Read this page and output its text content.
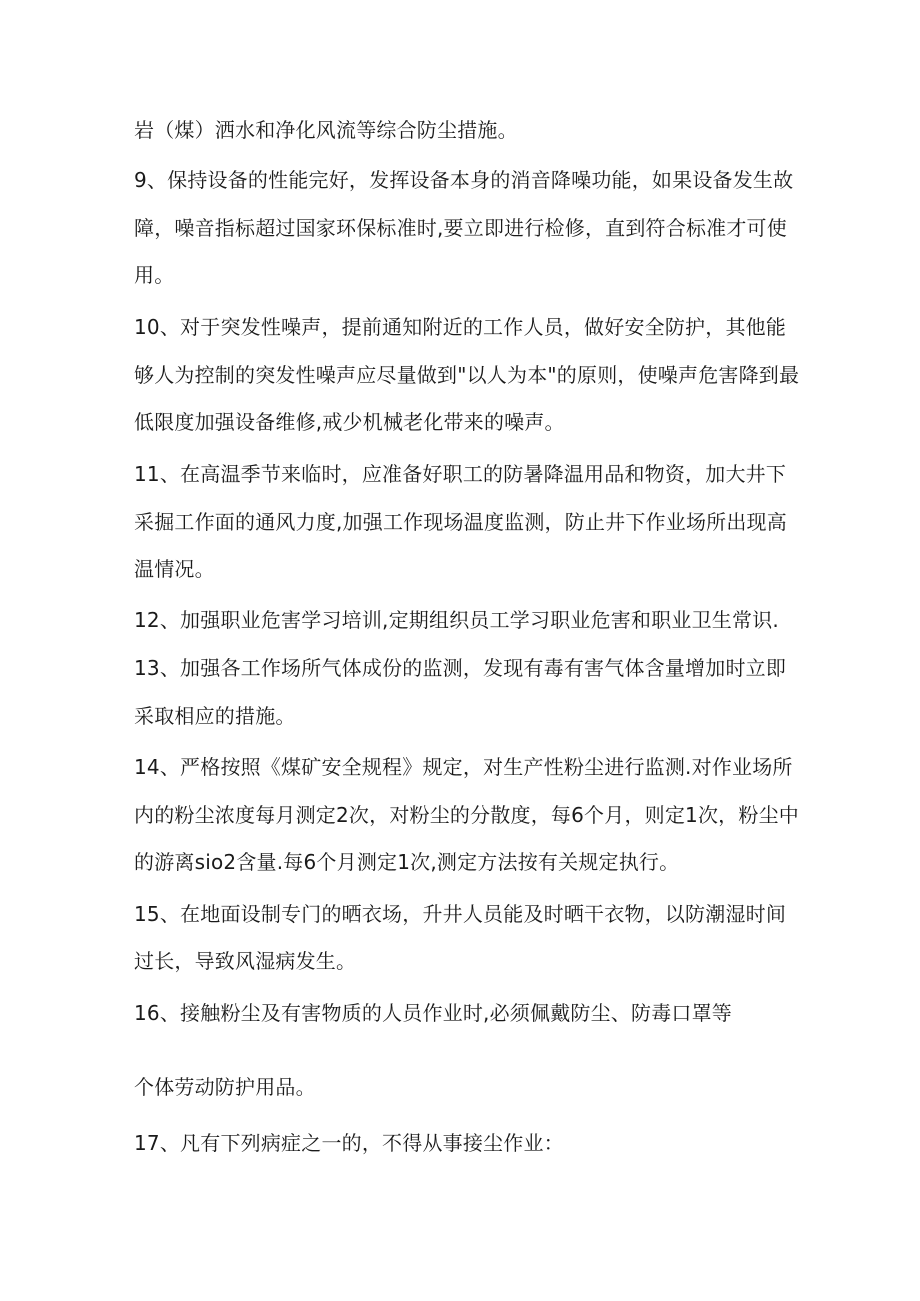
岩（煤）洒水和净化风流等综合防尘措施。
9、保持设备的性能完好，发挥设备本身的消音降噪功能，如果设备发生故
障，噪音指标超过国家环保标准时,要立即进行检修，直到符合标准才可使
用。
10、对于突发性噪声，提前通知附近的工作人员，做好安全防护，其他能
够人为控制的突发性噪声应尽量做到"以人为本"的原则，使噪声危害降到最
低限度加强设备维修,戒少机械老化带来的噪声。
11、在高温季节来临时，应准备好职工的防暑降温用品和物资，加大井下
采掘工作面的通风力度,加强工作现场温度监测，防止井下作业场所出现高
温情况。
12、加强职业危害学习培训,定期组织员工学习职业危害和职业卫生常识.
13、加强各工作场所气体成份的监测，发现有毒有害气体含量增加时立即
采取相应的措施。
14、严格按照《煤矿安全规程》规定，对生产性粉尘进行监测.对作业场所
内的粉尘浓度每月测定2次，对粉尘的分散度，每6个月，则定1次，粉尘中
的游离sio2含量.每6个月测定1次,测定方法按有关规定执行。
15、在地面设制专门的晒衣场，升井人员能及时晒干衣物，以防潮湿时间
过长，导致风湿病发生。
16、接触粉尘及有害物质的人员作业时,必须佩戴防尘、防毒口罩等
个体劳动防护用品。
17、凡有下列病症之一的，不得从事接尘作业：
